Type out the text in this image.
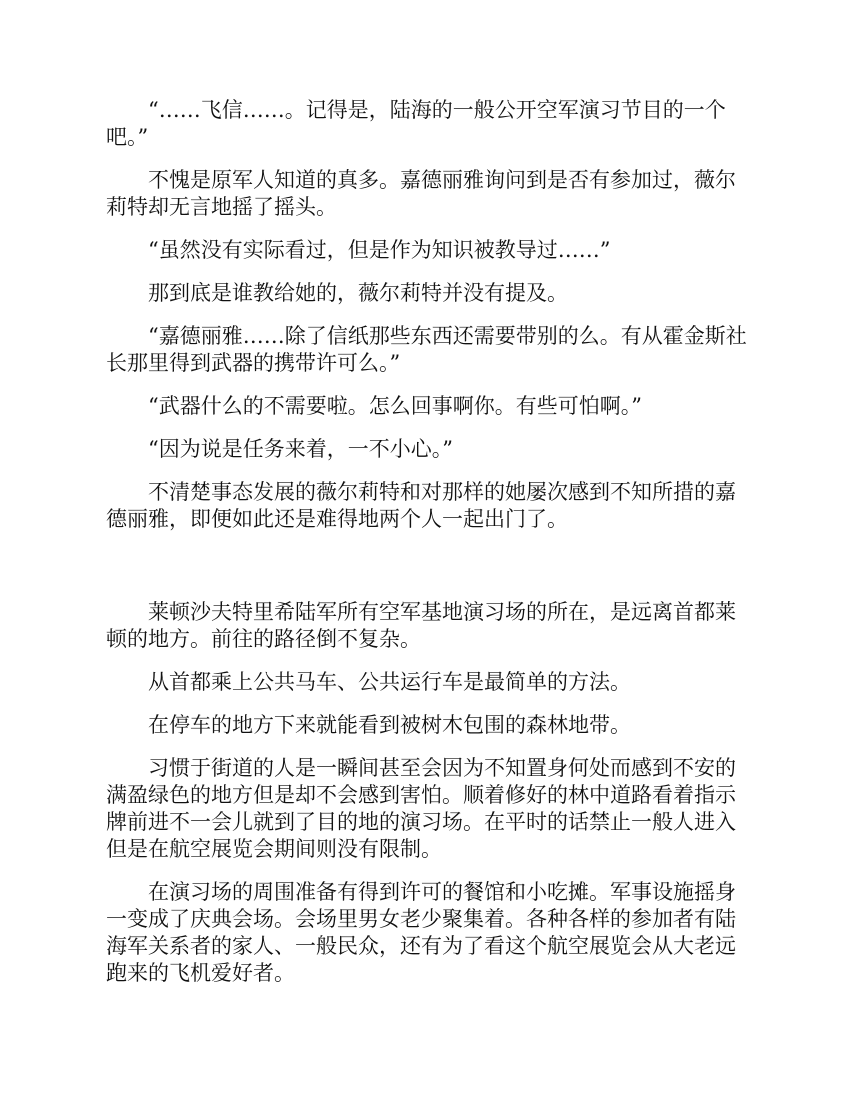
“……飞信……。记得是，陆海的一般公开空军演习节目的一个吧。”

不愧是原军人知道的真多。嘉德丽雅询问到是否有参加过，薇尔莉特却无言地摇了摇头。

“虽然没有实际看过，但是作为知识被教导过……”

那到底是谁教给她的，薇尔莉特并没有提及。

“嘉德丽雅……除了信纸那些东西还需要带别的么。有从霍金斯社长那里得到武器的携带许可么。”

“武器什么的不需要啦。怎么回事啊你。有些可怕啊。”

“因为说是任务来着，一不小心。”

不清楚事态发展的薇尔莉特和对那样的她屡次感到不知所措的嘉德丽雅，即便如此还是难得地两个人一起出门了。

莱顿沙夫特里希陆军所有空军基地演习场的所在，是远离首都莱顿的地方。前往的路径倒不复杂。

从首都乘上公共马车、公共运行车是最简单的方法。

在停车的地方下来就能看到被树木包围的森林地带。

习惯于街道的人是一瞬间甚至会因为不知置身何处而感到不安的满盈绿色的地方但是却不会感到害怕。顺着修好的林中道路看着指示牌前进不一会儿就到了目的地的演习场。在平时的话禁止一般人进入但是在航空展览会期间则没有限制。

在演习场的周围准备有得到许可的餐馆和小吃摊。军事设施摇身一变成了庆典会场。会场里男女老少聚集着。各种各样的参加者有陆海军关系者的家人、一般民众，还有为了看这个航空展览会从大老远跑来的飞机爱好者。
